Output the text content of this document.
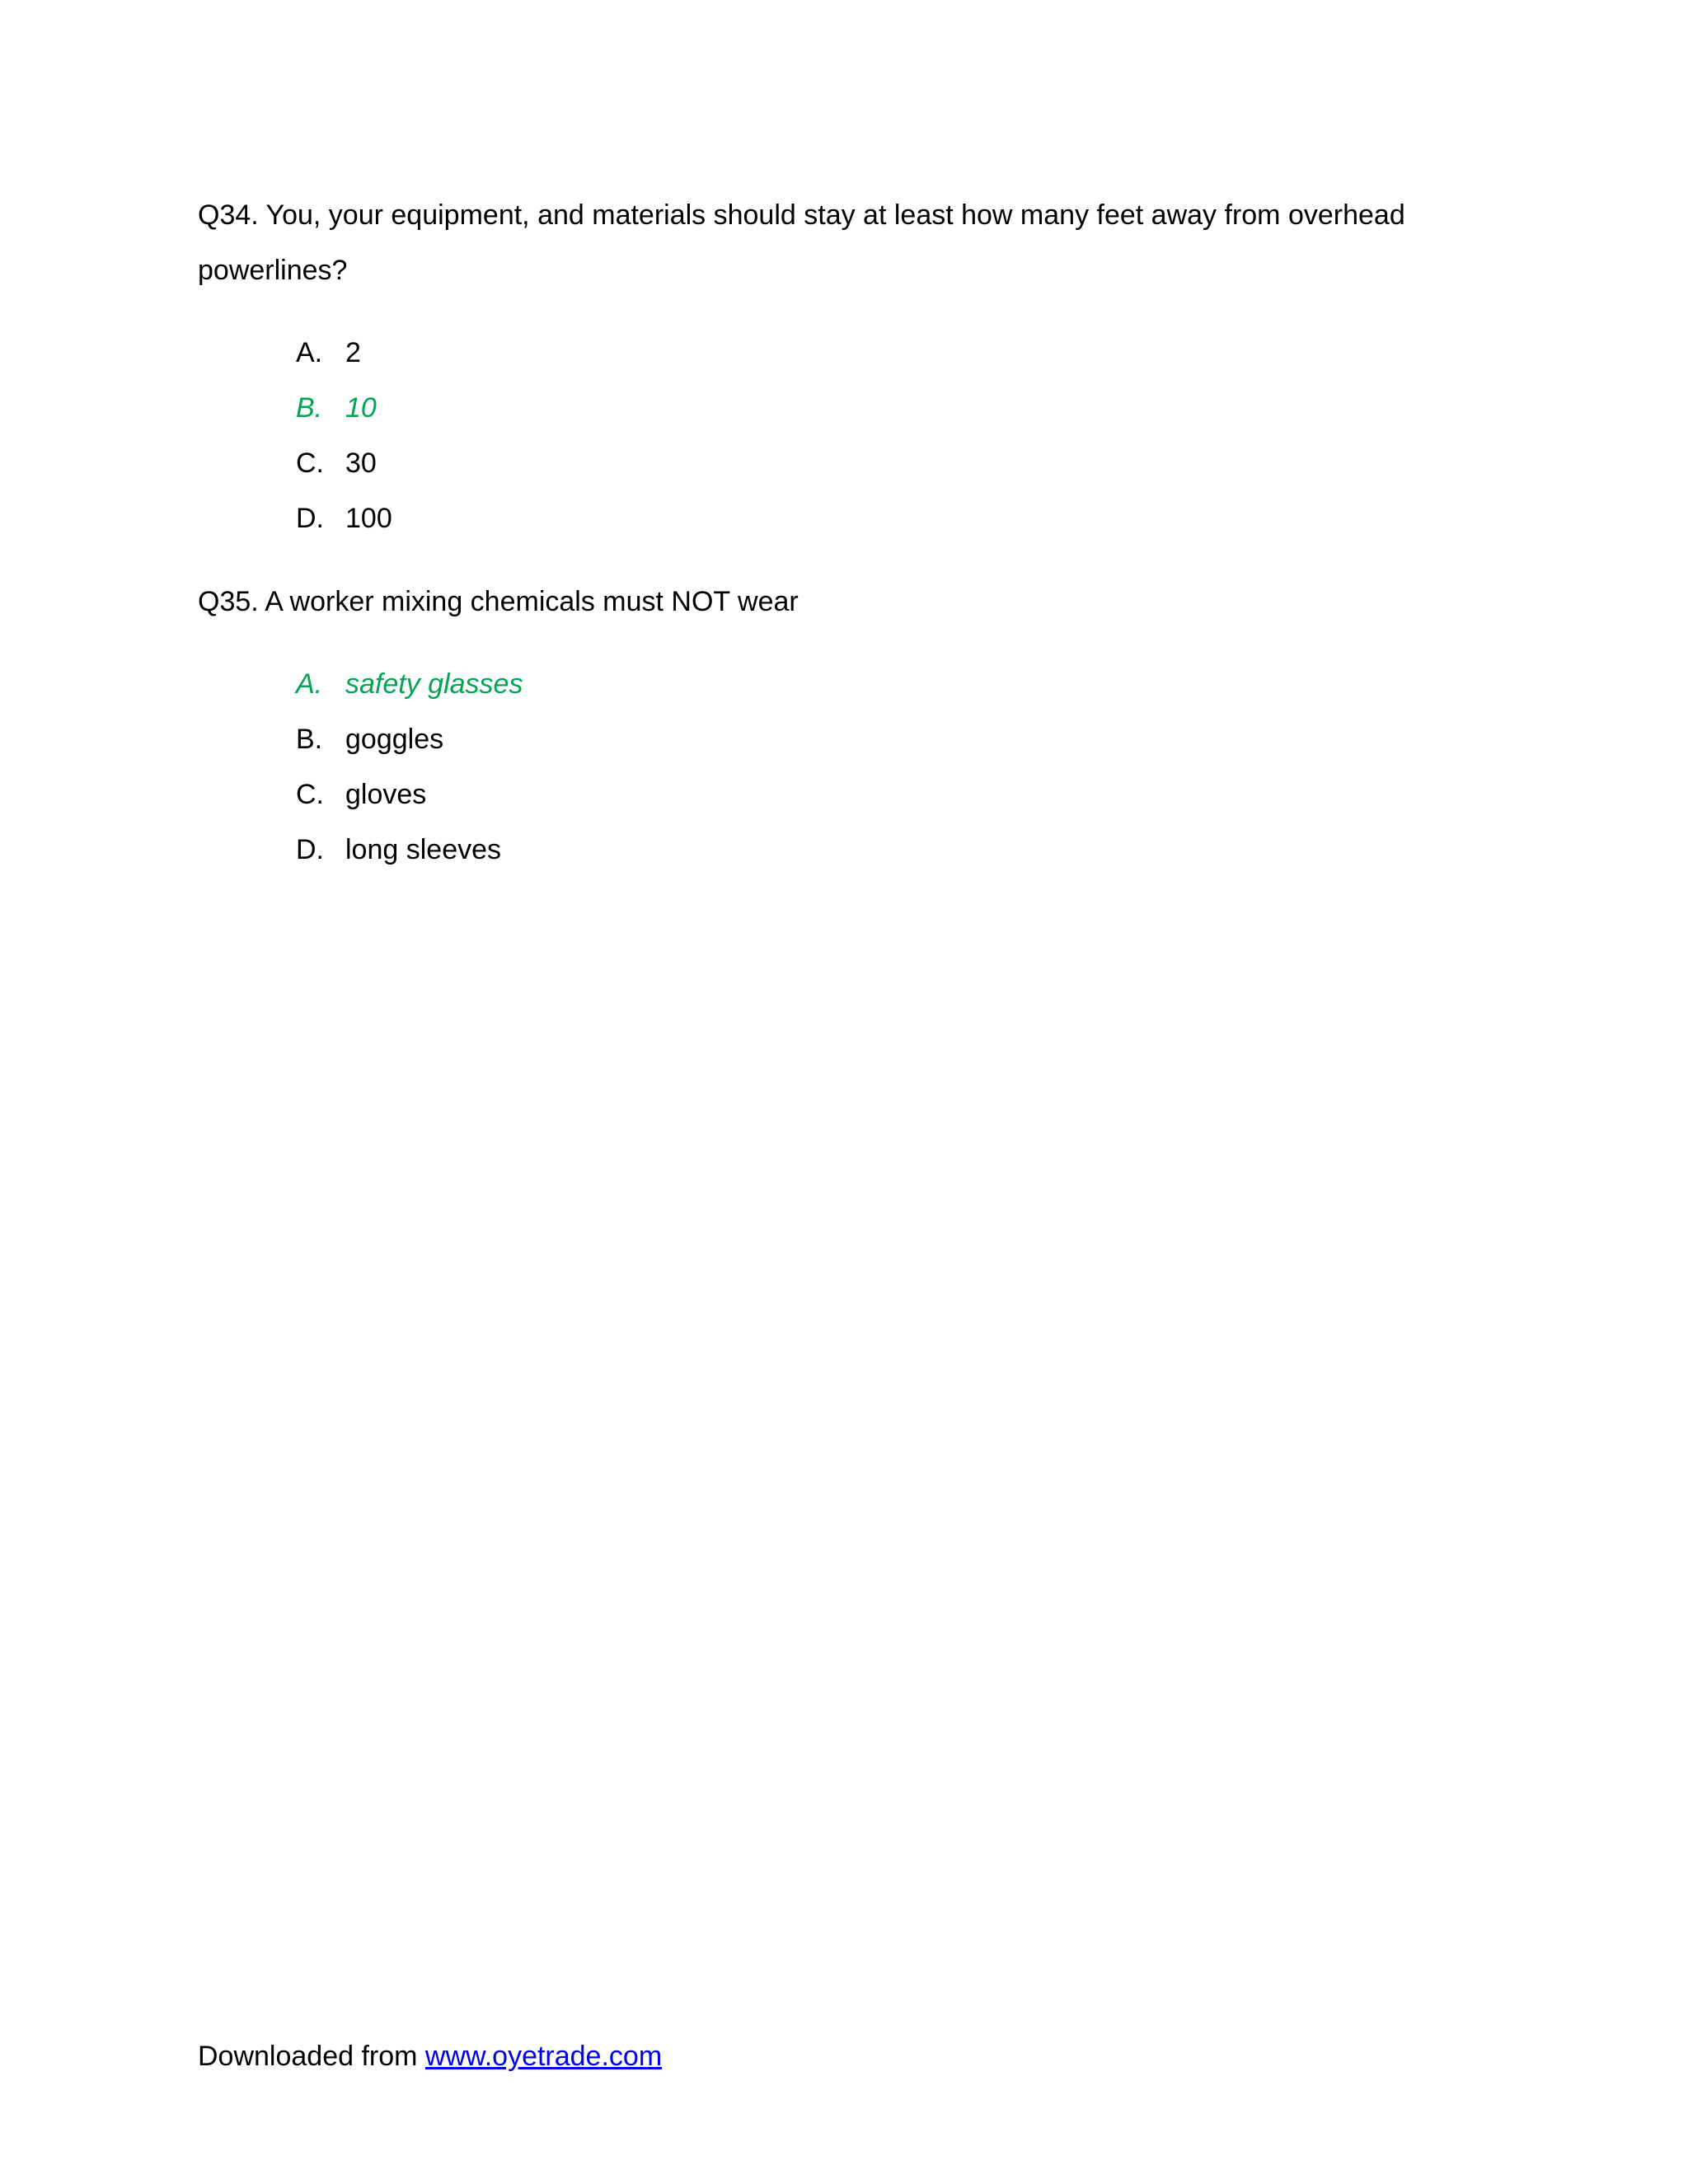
Q34. You, your equipment, and materials should stay at least how many feet away from overhead powerlines?
A. 2
B. 10
C. 30
D. 100
Q35. A worker mixing chemicals must NOT wear
A. safety glasses
B. goggles
C. gloves
D. long sleeves
Downloaded from www.oyetrade.com
